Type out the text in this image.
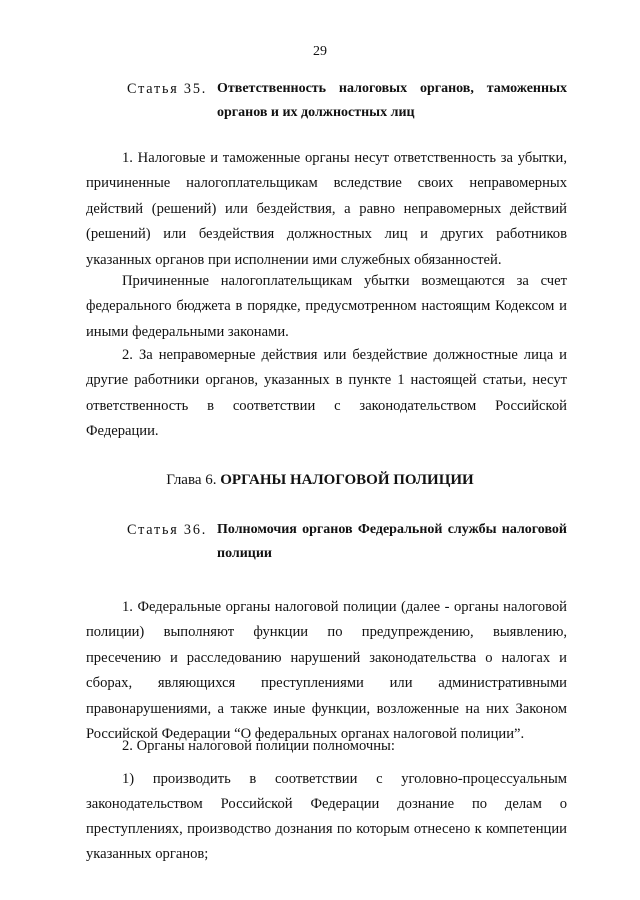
29
Статья 35. Ответственность налоговых органов, таможенных органов и их должностных лиц

1. Налоговые и таможенные органы несут ответственность за убытки, причиненные налогоплательщикам вследствие своих неправомерных действий (решений) или бездействия, а равно неправомерных действий (решений) или бездействия должностных лиц и других работников указанных органов при исполнении ими служебных обязанностей.

Причиненные налогоплательщикам убытки возмещаются за счет федерального бюджета в порядке, предусмотренном настоящим Кодексом и иными федеральными законами.

2. За неправомерные действия или бездействие должностные лица и другие работники органов, указанных в пункте 1 настоящей статьи, несут ответственность в соответствии с законодательством Российской Федерации.

Глава 6. ОРГАНЫ НАЛОГОВОЙ ПОЛИЦИИ
Статья 36. Полномочия органов Федеральной службы налоговой полиции

1. Федеральные органы налоговой полиции (далее - органы налоговой полиции) выполняют функции по предупреждению, выявлению, пресечению и расследованию нарушений законодательства о налогах и сборах, являющихся преступлениями или административными правонарушениями, а также иные функции, возложенные на них Законом Российской Федерации “О федеральных органах налоговой полиции”.

2. Органы налоговой полиции полномочны:

1) производить в соответствии с уголовно-процессуальным законодательством Российской Федерации дознание по делам о преступлениях, производство дознания по которым отнесено к компетенции указанных органов;
